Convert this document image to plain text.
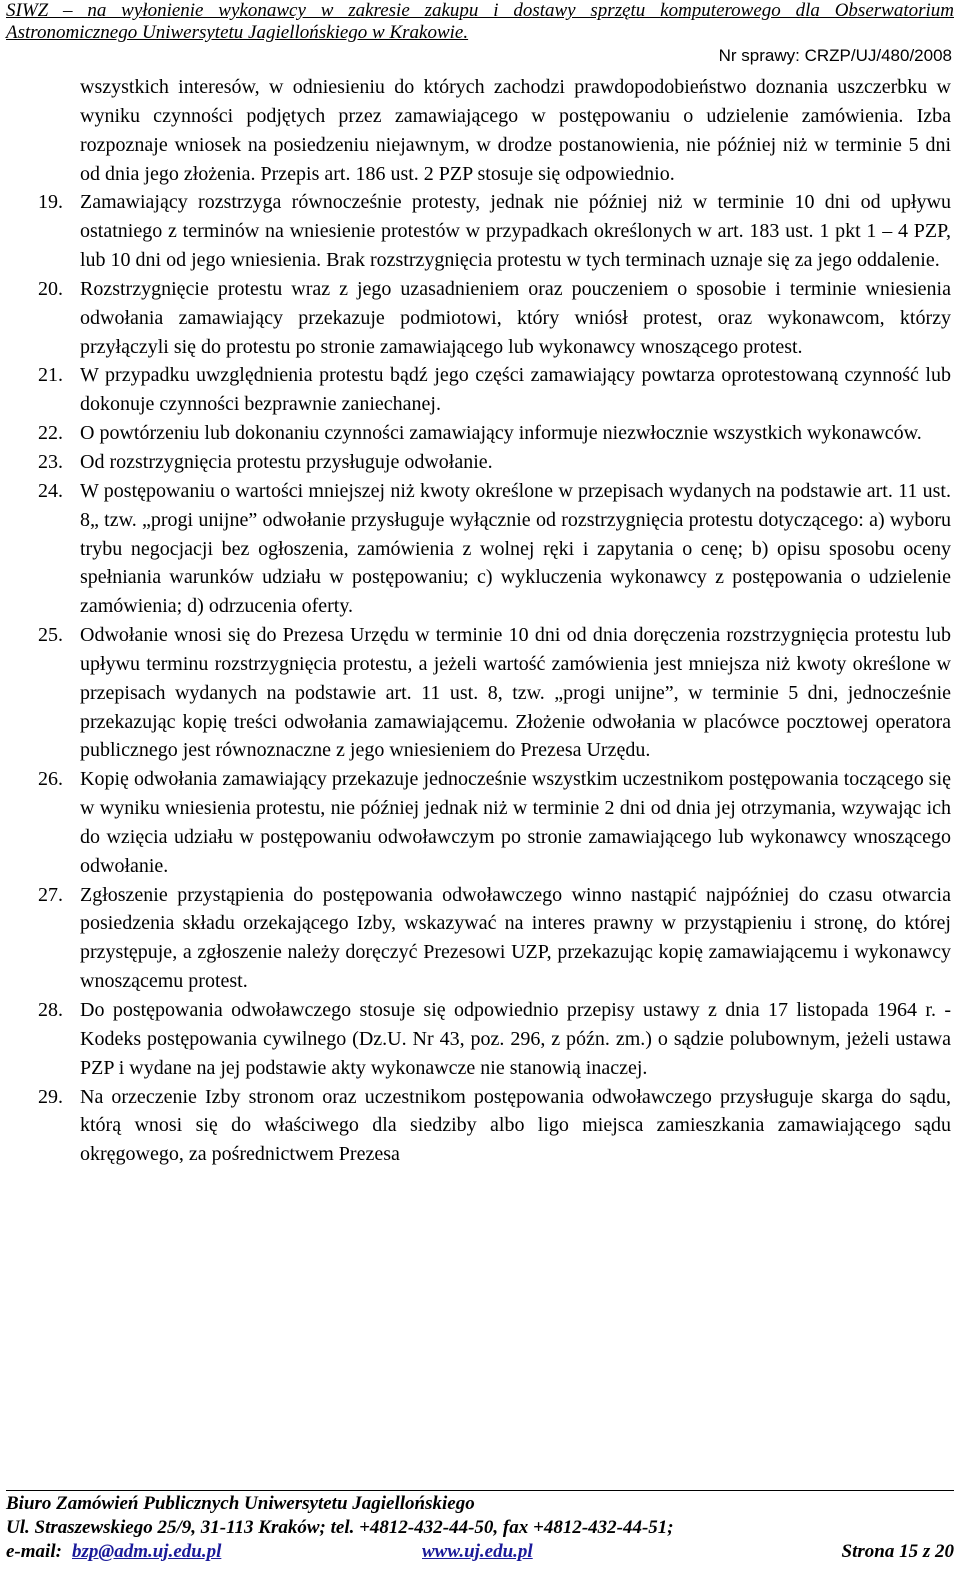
SIWZ – na wyłonienie wykonawcy w zakresie zakupu i dostawy sprzętu komputerowego dla Obserwatorium
Astronomicznego Uniwersytetu Jagiellońskiego w Krakowie.
Nr sprawy: CRZP/UJ/480/2008
wszystkich interesów, w odniesieniu do których zachodzi prawdopodobieństwo doznania uszczerbku w wyniku czynności podjętych przez zamawiającego w postępowaniu o udzielenie zamówienia. Izba rozpoznaje wniosek na posiedzeniu niejawnym, w drodze postanowienia, nie później niż w terminie 5 dni od dnia jego złożenia. Przepis art. 186 ust. 2 PZP stosuje się odpowiednio.
19. Zamawiający rozstrzyga równocześnie protesty, jednak nie później niż w terminie 10 dni od upływu ostatniego z terminów na wniesienie protestów w przypadkach określonych w art. 183 ust. 1 pkt 1 – 4 PZP, lub 10 dni od jego wniesienia. Brak rozstrzygnięcia protestu w tych terminach uznaje się za jego oddalenie.
20. Rozstrzygnięcie protestu wraz z jego uzasadnieniem oraz pouczeniem o sposobie i terminie wniesienia odwołania zamawiający przekazuje podmiotowi, który wniósł protest, oraz wykonawcom, którzy przyłączyli się do protestu po stronie zamawiającego lub wykonawcy wnoszącego protest.
21. W przypadku uwzględnienia protestu bądź jego części zamawiający powtarza oprotestowaną czynność lub dokonuje czynności bezprawnie zaniechanej.
22. O powtórzeniu lub dokonaniu czynności zamawiający informuje niezwłocznie wszystkich wykonawców.
23. Od rozstrzygnięcia protestu przysługuje odwołanie.
24. W postępowaniu o wartości mniejszej niż kwoty określone w przepisach wydanych na podstawie art. 11 ust. 8„ tzw. „progi unijne” odwołanie przysługuje wyłącznie od rozstrzygnięcia protestu dotyczącego: a) wyboru trybu negocjacji bez ogłoszenia, zamówienia z wolnej ręki i zapytania o cenę; b) opisu sposobu oceny spełniania warunków udziału w postępowaniu; c) wykluczenia wykonawcy z postępowania o udzielenie zamówienia; d) odrzucenia oferty.
25. Odwołanie wnosi się do Prezesa Urzędu w terminie 10 dni od dnia doręczenia rozstrzygnięcia protestu lub upływu terminu rozstrzygnięcia protestu, a jeżeli wartość zamówienia jest mniejsza niż kwoty określone w przepisach wydanych na podstawie art. 11 ust. 8, tzw. „progi unijne”, w terminie 5 dni, jednocześnie przekazując kopię treści odwołania zamawiającemu. Złożenie odwołania w placówce pocztowej operatora publicznego jest równoznaczne z jego wniesieniem do Prezesa Urzędu.
26. Kopię odwołania zamawiający przekazuje jednocześnie wszystkim uczestnikom postępowania toczącego się w wyniku wniesienia protestu, nie później jednak niż w terminie 2 dni od dnia jej otrzymania, wzywając ich do wzięcia udziału w postępowaniu odwoławczym po stronie zamawiającego lub wykonawcy wnoszącego odwołanie.
27. Zgłoszenie przystąpienia do postępowania odwoławczego winno nastąpić najpóźniej do czasu otwarcia posiedzenia składu orzekającego Izby, wskazywać na interes prawny w przystąpieniu i stronę, do której przystępuje, a zgłoszenie należy doręczyć Prezesowi UZP, przekazując kopię zamawiającemu i wykonawcy wnoszącemu protest.
28. Do postępowania odwoławczego stosuje się odpowiednio przepisy ustawy z dnia 17 listopada 1964 r. - Kodeks postępowania cywilnego (Dz.U. Nr 43, poz. 296, z późn. zm.) o sądzie polubownym, jeżeli ustawa PZP i wydane na jej podstawie akty wykonawcze nie stanowią inaczej.
29. Na orzeczenie Izby stronom oraz uczestnikom postępowania odwoławczego przysługuje skarga do sądu, którą wnosi się do właściwego dla siedziby albo ligo miejsca zamieszkania zamawiającego sądu okręgowego, za pośrednictwem Prezesa
Biuro Zamówień Publicznych Uniwersytetu Jagiellońskiego
Ul. Straszewskiego 25/9, 31-113 Kraków; tel. +4812-432-44-50, fax +4812-432-44-51;
e-mail: bzp@adm.uj.edu.pl	www.uj.edu.pl	Strona 15 z 20
